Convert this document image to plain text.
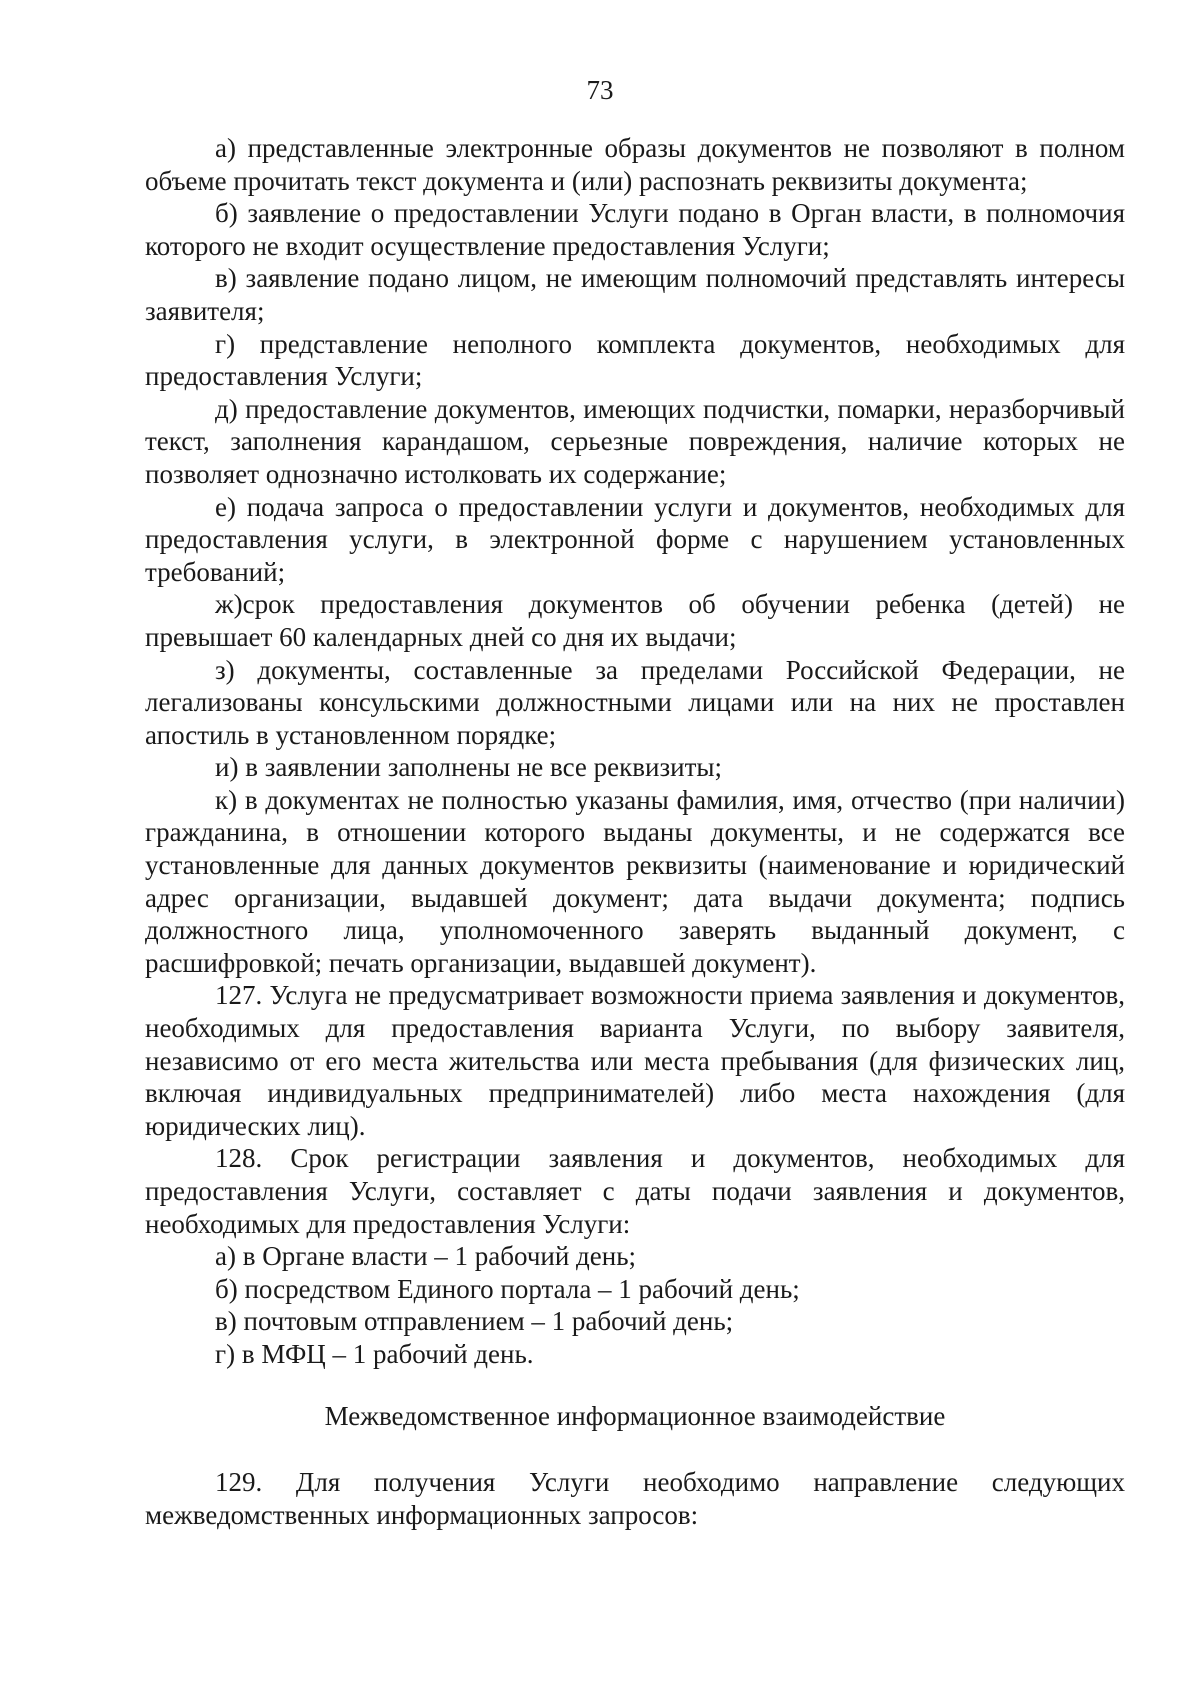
73

а) представленные электронные образы документов не позволяют в полном объеме прочитать текст документа и (или) распознать реквизиты документа;

б) заявление о предоставлении Услуги подано в Орган власти, в полномочия которого не входит осуществление предоставления Услуги;

в) заявление подано лицом, не имеющим полномочий представлять интересы заявителя;

г) представление неполного комплекта документов, необходимых для предоставления Услуги;

д) предоставление документов, имеющих подчистки, помарки, неразборчивый текст, заполнения карандашом, серьезные повреждения, наличие которых не позволяет однозначно истолковать их содержание;

е) подача запроса о предоставлении услуги и документов, необходимых для предоставления услуги, в электронной форме с нарушением установленных требований;

ж)срок предоставления документов об обучении ребенка (детей) не превышает 60 календарных дней со дня их выдачи;

з) документы, составленные за пределами Российской Федерации, не легализованы консульскими должностными лицами или на них не проставлен апостиль в установленном порядке;

и) в заявлении заполнены не все реквизиты;

к) в документах не полностью указаны фамилия, имя, отчество (при наличии) гражданина, в отношении которого выданы документы, и не содержатся все установленные для данных документов реквизиты (наименование и юридический адрес организации, выдавшей документ; дата выдачи документа; подпись должностного лица, уполномоченного заверять выданный документ, с расшифровкой; печать организации, выдавшей документ).

127. Услуга не предусматривает возможности приема заявления и документов, необходимых для предоставления варианта Услуги, по выбору заявителя, независимо от его места жительства или места пребывания (для физических лиц, включая индивидуальных предпринимателей) либо места нахождения (для юридических лиц).

128. Срок регистрации заявления и документов, необходимых для предоставления Услуги, составляет с даты подачи заявления и документов, необходимых для предоставления Услуги:

а) в Органе власти – 1 рабочий день;

б) посредством Единого портала – 1 рабочий день;

в) почтовым отправлением – 1 рабочий день;

г) в МФЦ – 1 рабочий день.

Межведомственное информационное взаимодействие

129. Для получения Услуги необходимо направление следующих межведомственных информационных запросов:
